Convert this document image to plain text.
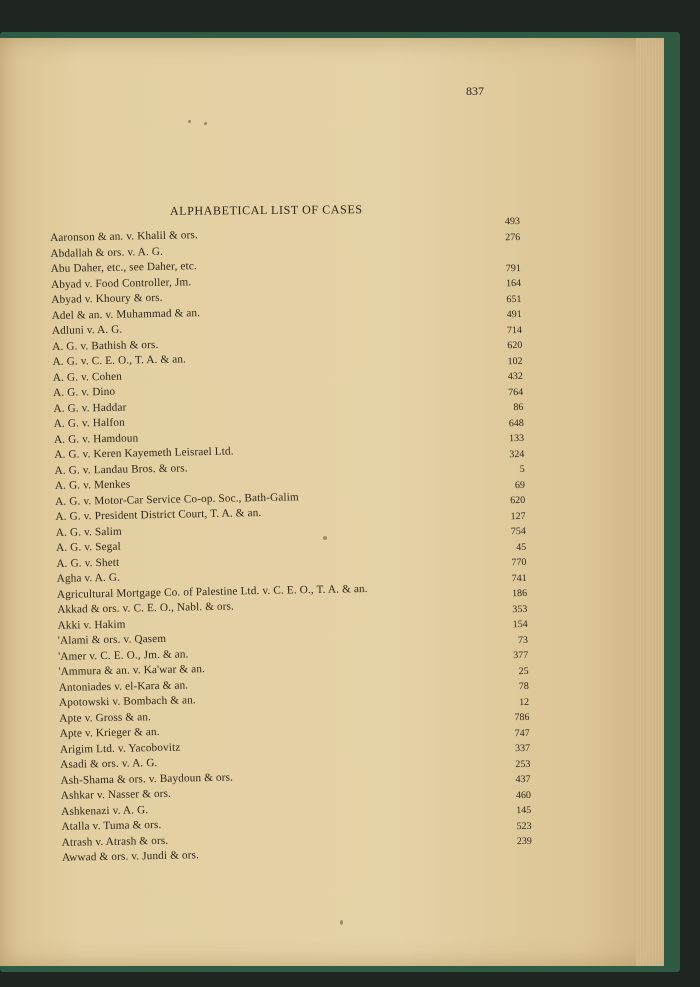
837
ALPHABETICAL LIST OF CASES
Aaronson & an. v. Khalil & ors.
493
Abdallah & ors. v. A. G.
276
Abu Daher, etc., see Daher, etc.
Abyad v. Food Controller, Jm.
791
Abyad v. Khoury & ors.
164
Adel & an. v. Muhammad & an.
651
Adluni v. A. G.
491
A. G. v. Bathish & ors.
714
A. G. v. C. E. O., T. A. & an.
620
A. G. v. Cohen
102
A. G. v. Dino
432
A. G. v. Haddar
764
A. G. v. Halfon
86
A. G. v. Hamdoun
648
A. G. v. Keren Kayemeth Leisrael Ltd.
133
A. G. v. Landau Bros. & ors.
324
A. G. v. Menkes
5
A. G. v. Motor-Car Service Co-op. Soc., Bath-Galim
69
A. G. v. President District Court, T. A. & an.
620
A. G. v. Salim
127
A. G. v. Segal
754
A. G. v. Shett
45
Agha v. A. G.
770
Agricultural Mortgage Co. of Palestine Ltd. v. C. E. O., T. A. & an.
741
Akkad & ors. v. C. E. O., Nabl. & ors.
186
Akki v. Hakim
353
'Alami & ors. v. Qasem
154
'Amer v. C. E. O., Jm. & an.
73
'Ammura & an. v. Ka'war & an.
377
Antoniades v. el-Kara & an.
25
Apotowski v. Bombach & an.
78
Apte v. Gross & an.
12
Apte v. Krieger & an.
786
Arigim Ltd. v. Yacobovitz
747
Asadi & ors. v. A. G.
337
Ash-Shama & ors. v. Baydoun & ors.
253
Ashkar v. Nasser & ors.
437
Ashkenazi v. A. G.
460
Atalla v. Tuma & ors.
145
Atrash v. Atrash & ors.
523
Awwad & ors. v. Jundi & ors.
239
